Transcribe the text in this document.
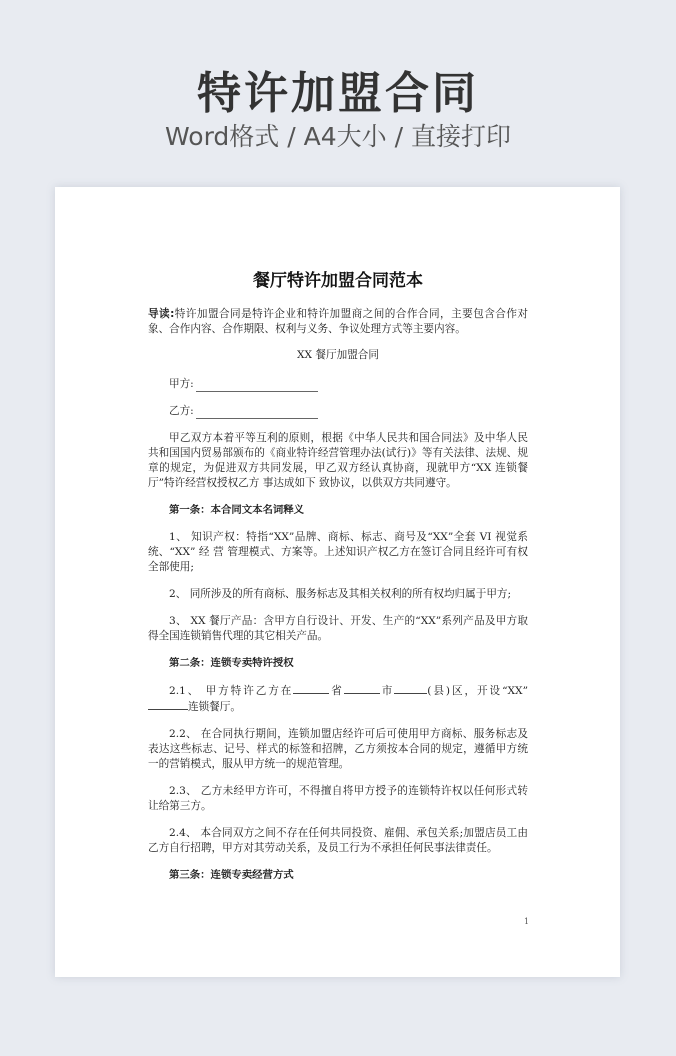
特许加盟合同
Word格式 / A4大小 / 直接打印
餐厅特许加盟合同范本

导读:特许加盟合同是特许企业和特许加盟商之间的合作合同，主要包含合作对象、合作内容、合作期限、权利与义务、争议处理方式等主要内容。

XX 餐厅加盟合同
甲方:
乙方:

甲乙双方本着平等互利的原则，根据《中华人民共和国合同法》及中华人民共和国国内贸易部颁布的《商业特许经营管理办法(试行)》等有关法律、法规、规 章的规定，为促进双方共同发展，甲乙双方经认真协商，现就甲方“XX 连锁餐厅”特许经营权授权乙方 事达成如下 致协议，以供双方共同遵守。

第一条：本合同文本名词释义

1、 知识产权：特指“XX”品牌、商标、标志、商号及“XX”全套 VI 视觉系统、“XX” 经 营 管理模式、方案等。上述知识产权乙方在签订合同且经许可有权全部使用;

2、 同所涉及的所有商标、服务标志及其相关权利的所有权均归属于甲方;

3、 XX 餐厅产品：含甲方自行设计、开发、生产的“XX”系列产品及甲方取得全国连锁销售代理的其它相关产品。

第二条：连锁专卖特许授权

2.1、 甲方特许乙方在	省	市	(县)区，开设“XX” 连锁餐厅。

2.2、 在合同执行期间，连锁加盟店经许可后可使用甲方商标、服务标志及表达这些标志、记号、样式的标签和招牌，乙方须按本合同的规定，遵循甲方统一的营销模式，服从甲方统一的规范管理。

2.3、 乙方未经甲方许可，不得擅自将甲方授予的连锁特许权以任何形式转让给第三方。

2.4、 本合同双方之间不存在任何共同投资、雇佣、承包关系;加盟店员工由乙方自行招聘，甲方对其劳动关系，及员工行为不承担任何民事法律责任。

第三条：连锁专卖经营方式
1
